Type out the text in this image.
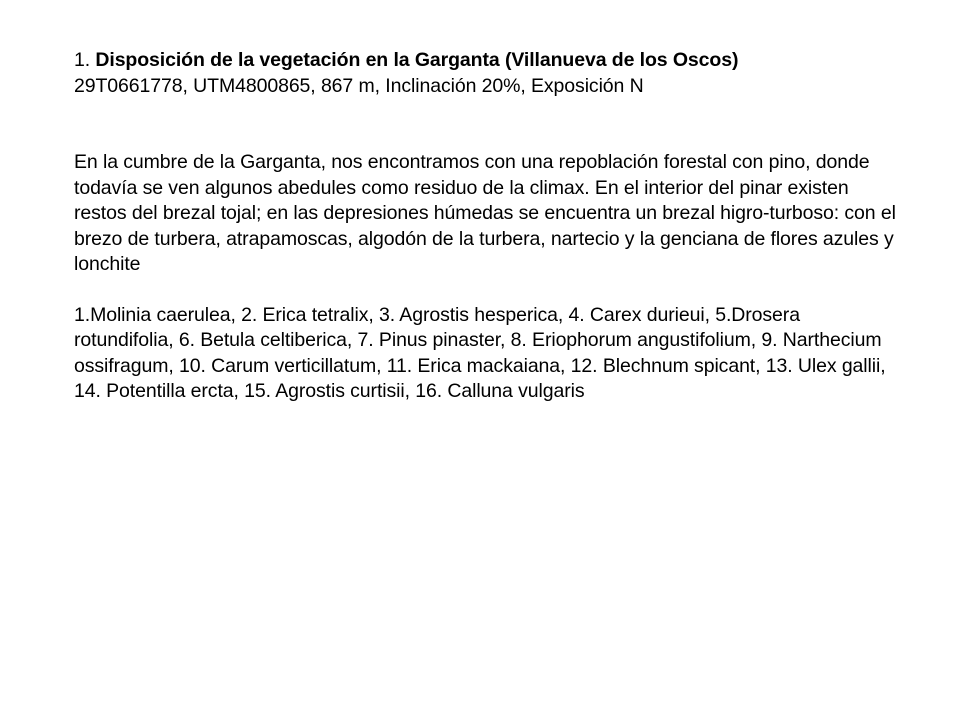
1. Disposición de la vegetación en la Garganta (Villanueva de los Oscos)

29T0661778, UTM4800865, 867 m, Inclinación 20%, Exposición N

En la cumbre de la Garganta, nos encontramos con una repoblación forestal con pino, donde todavía se ven algunos abedules como residuo de la climax. En el interior del pinar existen restos del brezal tojal; en las depresiones húmedas se encuentra un brezal higro-turboso: con el brezo de turbera, atrapamoscas, algodón de la turbera, nartecio y la genciana de flores azules y lonchite

1.Molinia caerulea, 2. Erica tetralix, 3. Agrostis hesperica, 4. Carex durieui, 5.Drosera rotundifolia, 6. Betula celtiberica, 7. Pinus pinaster, 8. Eriophorum angustifolium, 9. Narthecium ossifragum, 10. Carum verticillatum, 11. Erica mackaiana, 12. Blechnum spicant, 13. Ulex gallii, 14. Potentilla ercta, 15. Agrostis curtisii, 16. Calluna vulgaris
